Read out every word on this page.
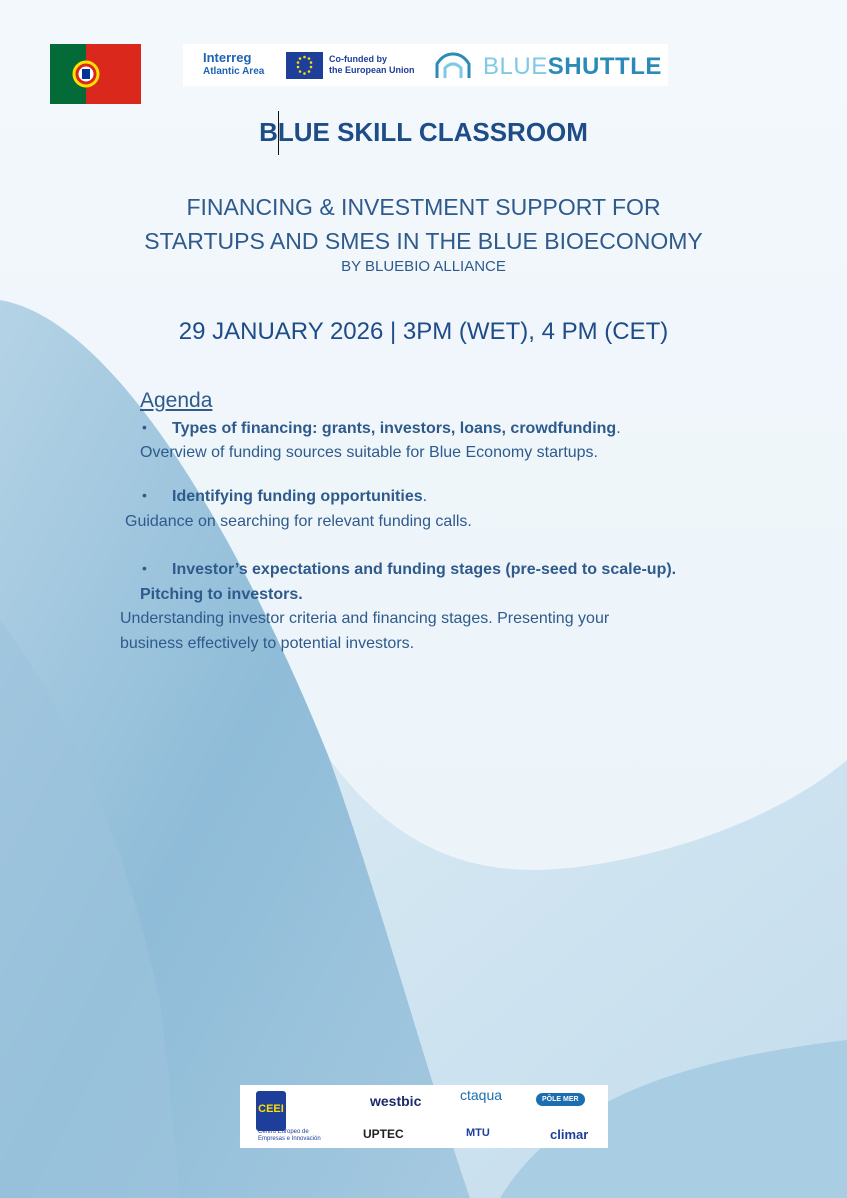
Interreg
Atlantic Area
Co-funded by
the European Union	BLUESHUTTLE
BLUE SKILL CLASSROOM
FINANCING & INVESTMENT SUPPORT FOR
STARTUPS AND SMES IN THE BLUE BIOECONOMY
BY BLUEBIO ALLIANCE
29 JANUARY 2026 | 3PM (WET), 4 PM (CET)
Agenda
• Types of financing: grants, investors, loans, crowdfunding.
Overview of funding sources suitable for Blue Economy startups.
• Identifying funding opportunities.
Guidance on searching for relevant funding calls.
• Investor’s expectations and funding stages (pre-seed to scale-up).
Pitching to investors.
Understanding investor criteria and financing stages. Presenting your
business effectively to potential investors.
CEEI
Centro Europeo de
Empresas e Innovación
westbic
UPTEC
ctaqua
MTU
PÔLE MER
climar
